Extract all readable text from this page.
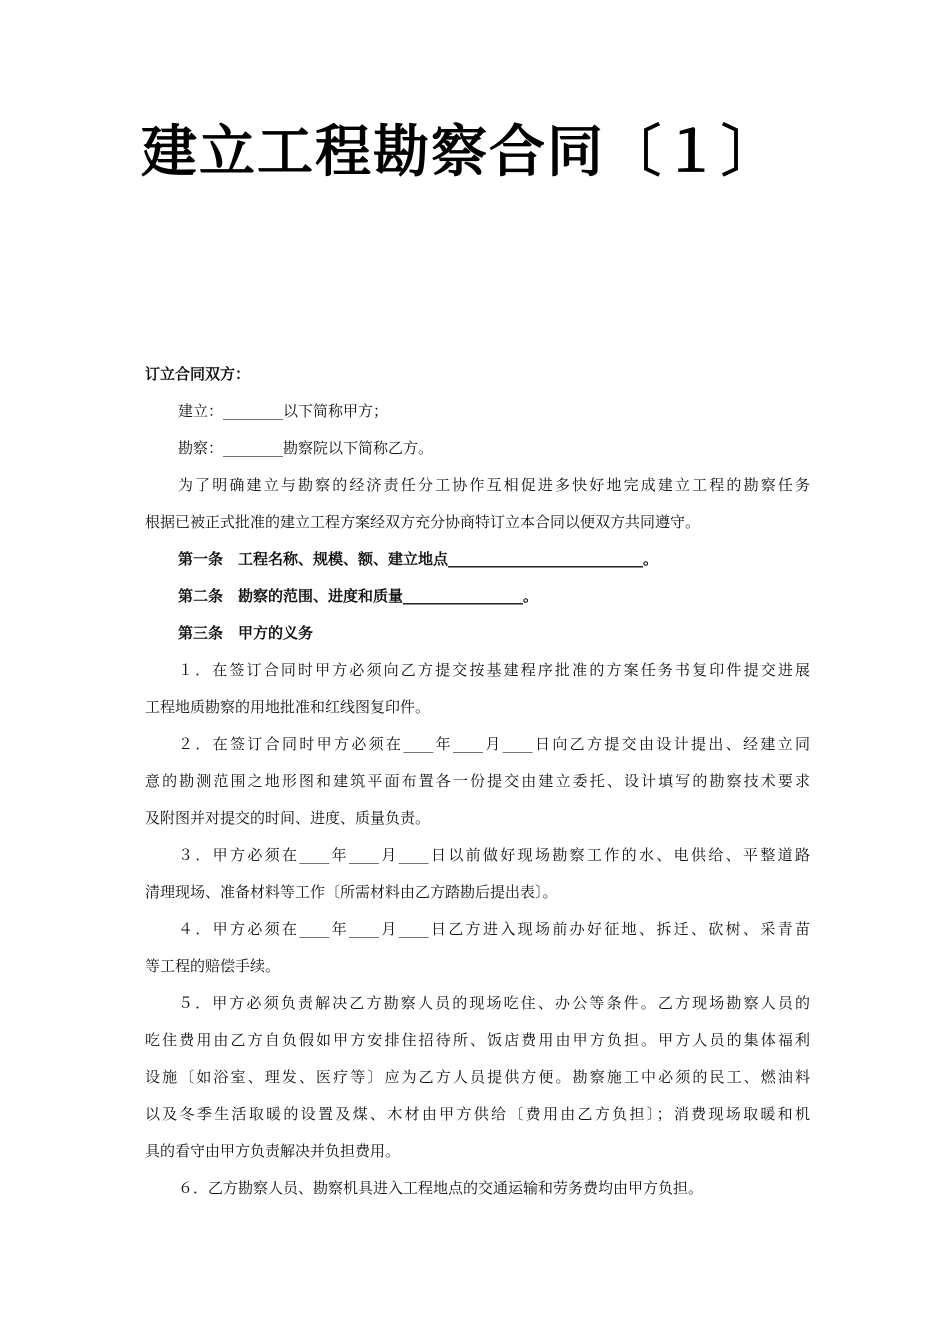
建立工程勘察合同〔１〕
订立合同双方：
建立：________以下简称甲方；
勘察：________勘察院以下简称乙方。
为了明确建立与勘察的经济责任分工协作互相促进多快好地完成建立工程的勘察任务
根据已被正式批准的建立工程方案经双方充分协商特订立本合同以便双方共同遵守。
第一条　工程名称、规模、额、建立地点__________________________。
第二条　勘察的范围、进度和质量________________。
第三条　甲方的义务
１．在签订合同时甲方必须向乙方提交按基建程序批准的方案任务书复印件提交进展
工程地质勘察的用地批准和红线图复印件。
２．在签订合同时甲方必须在____年____月____日向乙方提交由设计提出、经建立同
意的勘测范围之地形图和建筑平面布置各一份提交由建立委托、设计填写的勘察技术要求
及附图并对提交的时间、进度、质量负责。
３．甲方必须在____年____月____日以前做好现场勘察工作的水、电供给、平整道路
清理现场、准备材料等工作〔所需材料由乙方踏勘后提出表〕。
４．甲方必须在____年____月____日乙方进入现场前办好征地、拆迁、砍树、采青苗
等工程的赔偿手续。
５．甲方必须负责解决乙方勘察人员的现场吃住、办公等条件。乙方现场勘察人员的
吃住费用由乙方自负假如甲方安排住招待所、饭店费用由甲方负担。甲方人员的集体福利
设施〔如浴室、理发、医疗等〕应为乙方人员提供方便。勘察施工中必须的民工、燃油料
以及冬季生活取暖的设置及煤、木材由甲方供给〔费用由乙方负担〕；消费现场取暖和机
具的看守由甲方负责解决并负担费用。
６．乙方勘察人员、勘察机具进入工程地点的交通运输和劳务费均由甲方负担。
